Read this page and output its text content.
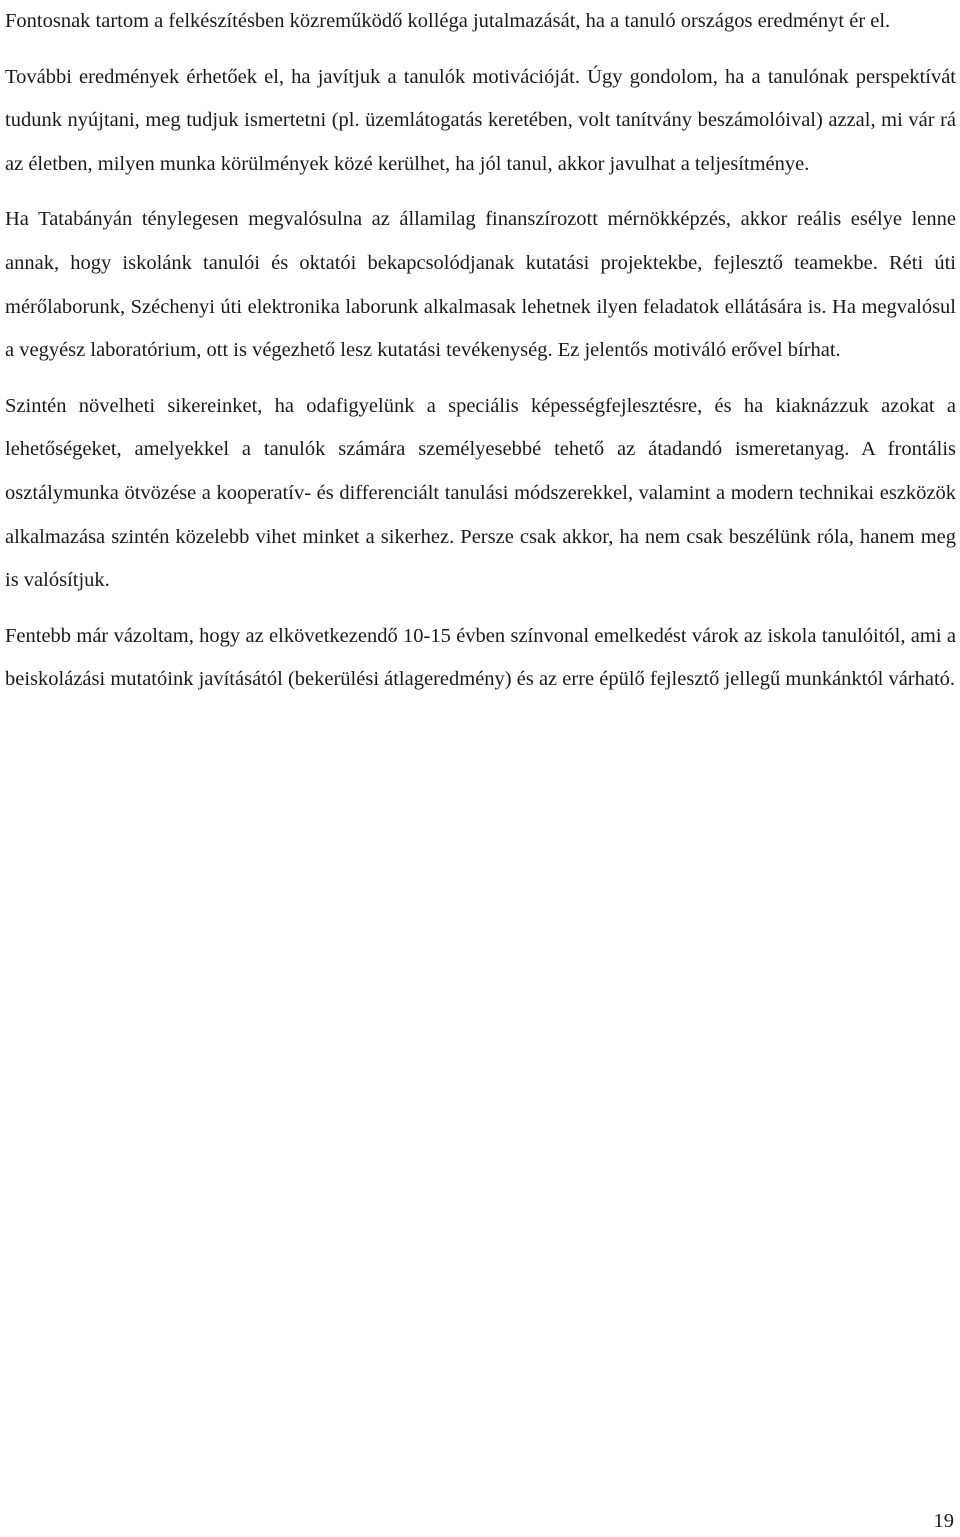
Fontosnak tartom a felkészítésben közreműködő kolléga jutalmazását, ha a tanuló országos eredményt ér el.

További eredmények érhetőek el, ha javítjuk a tanulók motivációját. Úgy gondolom, ha a tanulónak perspektívát tudunk nyújtani, meg tudjuk ismertetni (pl. üzemlátogatás keretében, volt tanítvány beszámolóival) azzal, mi vár rá az életben, milyen munka körülmények közé kerülhet, ha jól tanul, akkor javulhat a teljesítménye.

Ha Tatabányán ténylegesen megvalósulna az államilag finanszírozott mérnökképzés, akkor reális esélye lenne annak, hogy iskolánk tanulói és oktatói bekapcsolódjanak kutatási projektekbe, fejlesztő teamekbe. Réti úti mérőlaborunk, Széchenyi úti elektronika laborunk alkalmasak lehetnek ilyen feladatok ellátására is. Ha megvalósul a vegyész laboratórium, ott is végezhető lesz kutatási tevékenység. Ez jelentős motiváló erővel bírhat.

Szintén növelheti sikereinket, ha odafigyelünk a speciális képességfejlesztésre, és ha kiaknázzuk azokat a lehetőségeket, amelyekkel a tanulók számára személyesebbé tehető az átadandó ismeretanyag. A frontális osztálymunka ötvözése a kooperatív- és differenciált tanulási módszerekkel, valamint a modern technikai eszközök alkalmazása szintén közelebb vihet minket a sikerhez. Persze csak akkor, ha nem csak beszélünk róla, hanem meg is valósítjuk.

Fentebb már vázoltam, hogy az elkövetkezendő 10-15 évben színvonal emelkedést várok az iskola tanulóitól, ami a beiskolázási mutatóink javításától (bekerülési átlageredmény) és az erre épülő fejlesztő jellegű munkánktól várható.

19
